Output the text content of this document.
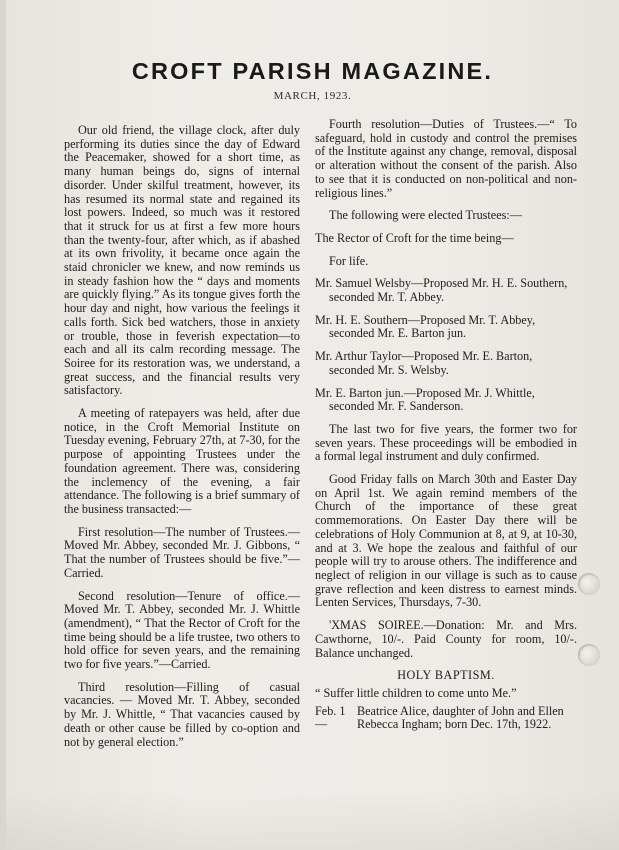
CROFT PARISH MAGAZINE.
MARCH, 1923.

Our old friend, the village clock, after duly performing its duties since the day of Edward the Peacemaker, showed for a short time, as many human beings do, signs of internal disorder. Under skilful treatment, however, its has resumed its normal state and regained its lost powers. Indeed, so much was it restored that it struck for us at first a few more hours than the twenty-four, after which, as if abashed at its own frivolity, it became once again the staid chronicler we knew, and now reminds us in steady fashion how the “ days and moments are quickly flying.” As its tongue gives forth the hour day and night, how various the feelings it calls forth. Sick bed watchers, those in anxiety or trouble, those in feverish expectation—to each and all its calm recording message. The Soiree for its restoration was, we understand, a great success, and the financial results very satisfactory.

A meeting of ratepayers was held, after due notice, in the Croft Memorial Institute on Tuesday evening, February 27th, at 7-30, for the purpose of appointing Trustees under the foundation agreement. There was, considering the inclemency of the evening, a fair attendance. The following is a brief summary of the business transacted:—

First resolution—The number of Trustees.—Moved Mr. Abbey, seconded Mr. J. Gibbons, “ That the number of Trustees should be five.”—Carried.

Second resolution—Tenure of office.—Moved Mr. T. Abbey, seconded Mr. J. Whittle (amendment), “ That the Rector of Croft for the time being should be a life trustee, two others to hold office for seven years, and the remaining two for five years.”—Carried.

Third resolution—Filling of casual vacancies. — Moved Mr. T. Abbey, seconded by Mr. J. Whittle, “ That vacancies caused by death or other cause be filled by co-option and not by general election.”

Fourth resolution—Duties of Trustees.—“ To safeguard, hold in custody and control the premises of the Institute against any change, removal, disposal or alteration without the consent of the parish. Also to see that it is conducted on non-political and non-religious lines.”

The following were elected Trustees:—

The Rector of Croft for the time being—

For life.

Mr. Samuel Welsby—Proposed Mr. H. E. Southern, seconded Mr. T. Abbey.

Mr. H. E. Southern—Proposed Mr. T. Abbey, seconded Mr. E. Barton jun.

Mr. Arthur Taylor—Proposed Mr. E. Barton, seconded Mr. S. Welsby.

Mr. E. Barton jun.—Proposed Mr. J. Whittle, seconded Mr. F. Sanderson.

The last two for five years, the former two for seven years. These proceedings will be embodied in a formal legal instrument and duly confirmed.

Good Friday falls on March 30th and Easter Day on April 1st. We again remind members of the Church of the importance of these great commemorations. On Easter Day there will be celebrations of Holy Communion at 8, at 9, at 10-30, and at 3. We hope the zealous and faithful of our people will try to arouse others. The indifference and neglect of religion in our village is such as to cause grave reflection and keen distress to earnest minds. Lenten Services, Thursdays, 7-30.

'XMAS SOIREE.—Donation: Mr. and Mrs. Cawthorne, 10/-. Paid County for room, 10/-. Balance unchanged.

HOLY BAPTISM.
“ Suffer little children to come unto Me.”
Feb. 1—
Beatrice Alice, daughter of John and Ellen Rebecca Ingham; born Dec. 17th, 1922.
